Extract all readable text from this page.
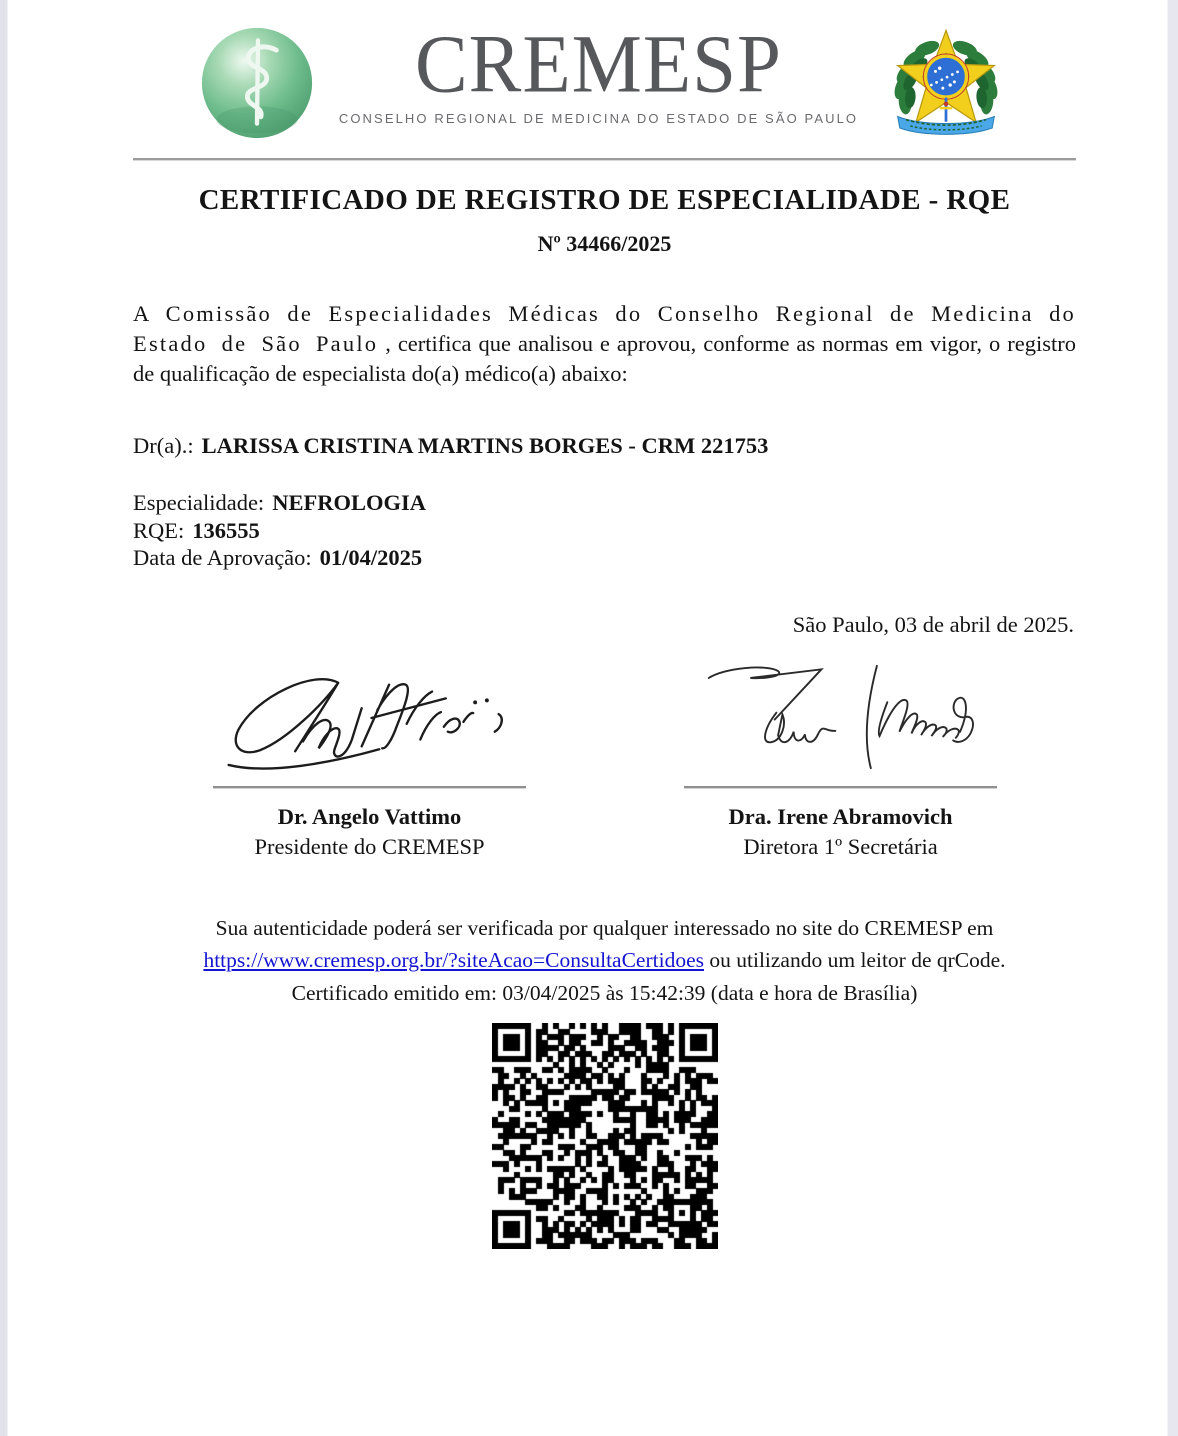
CREMESP
CONSELHO REGIONAL DE MEDICINA DO ESTADO DE SÃO PAULO
CERTIFICADO DE REGISTRO DE ESPECIALIDADE - RQE
Nº 34466/2025

A Comissão de Especialidades Médicas do Conselho Regional de Medicina do Estado de São Paulo , certifica que analisou e aprovou, conforme as normas em vigor, o registro de qualificação de especialista do(a) médico(a) abaixo:

Dr(a).: LARISSA CRISTINA MARTINS BORGES - CRM 221753

Especialidade: NEFROLOGIA
RQE: 136555
Data de Aprovação: 01/04/2025

São Paulo, 03 de abril de 2025.

Dr. Angelo Vattimo
Presidente do CREMESP
Dra. Irene Abramovich
Diretora 1º Secretária
Sua autenticidade poderá ser verificada por qualquer interessado no site do CREMESP em
https://www.cremesp.org.br/?siteAcao=ConsultaCertidoes ou utilizando um leitor de qrCode.
Certificado emitido em: 03/04/2025 às 15:42:39 (data e hora de Brasília)
